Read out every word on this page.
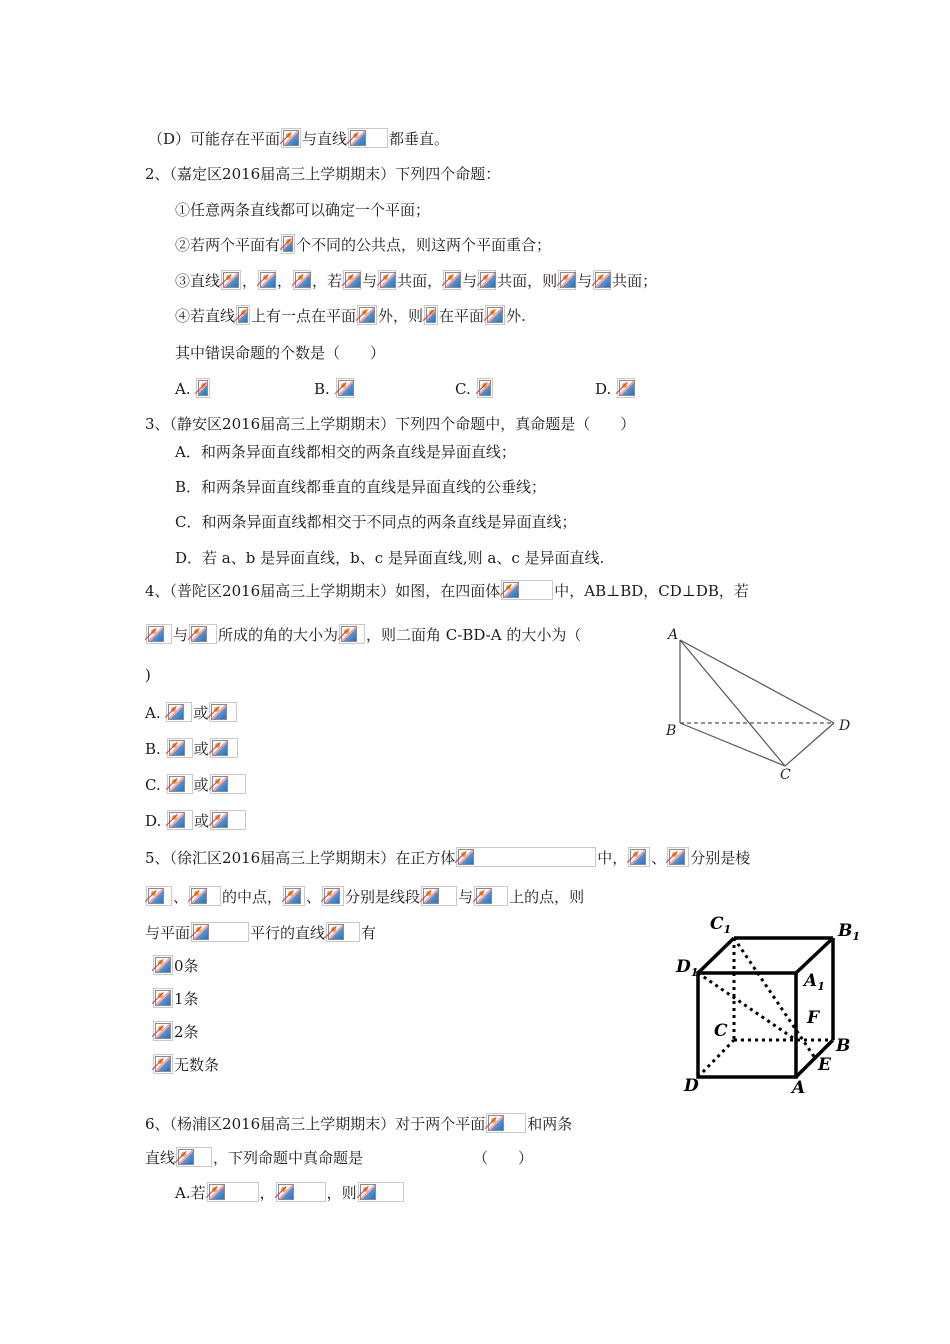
（D）可能存在平面 与直线	都垂直。
2、（嘉定区2016届高三上学期期末）下列四个命题：
①任意两条直线都可以确定一个平面；
②若两个平面有 个不同的公共点，则这两个平面重合；
③直线 ， ， ，若 与 共面， 与 共面，则 与 共面；
④若直线 上有一点在平面 外，则 在平面 外.
其中错误命题的个数是（　　）
A.	B.	C.	D.
3、（静安区2016届高三上学期期末）下列四个命题中，真命题是（　　）
A．和两条异面直线都相交的两条直线是异面直线；
B．和两条异面直线都垂直的直线是异面直线的公垂线；
C．和两条异面直线都相交于不同点的两条直线是异面直线；
D．若 a、b 是异面直线，b、c 是异面直线,则 a、c 是异面直线.
4、（普陀区2016届高三上学期期末）如图，在四面体	中，AB⊥BD，CD⊥DB，若
与 所成的角的大小为 ，则二面角 C-BD-A 的大小为（
)
A. 或
B. 或
C. 或
D. 或
A
B
C
D
5、（徐汇区2016届高三上学期期末）在正方体	中， 、 分别是棱
、 的中点， 、 分别是线段	与 上的点，则
与平面	平行的直线 有
0条
1条
2条
无数条
$C_1$	$B_1$
$D_1$	$A_1$
F
C
B
E
D	A
6、（杨浦区2016届高三上学期期末）对于两个平面	和两条
直线	，下列命题中真命题是	（　　）
A.若	，	，则
